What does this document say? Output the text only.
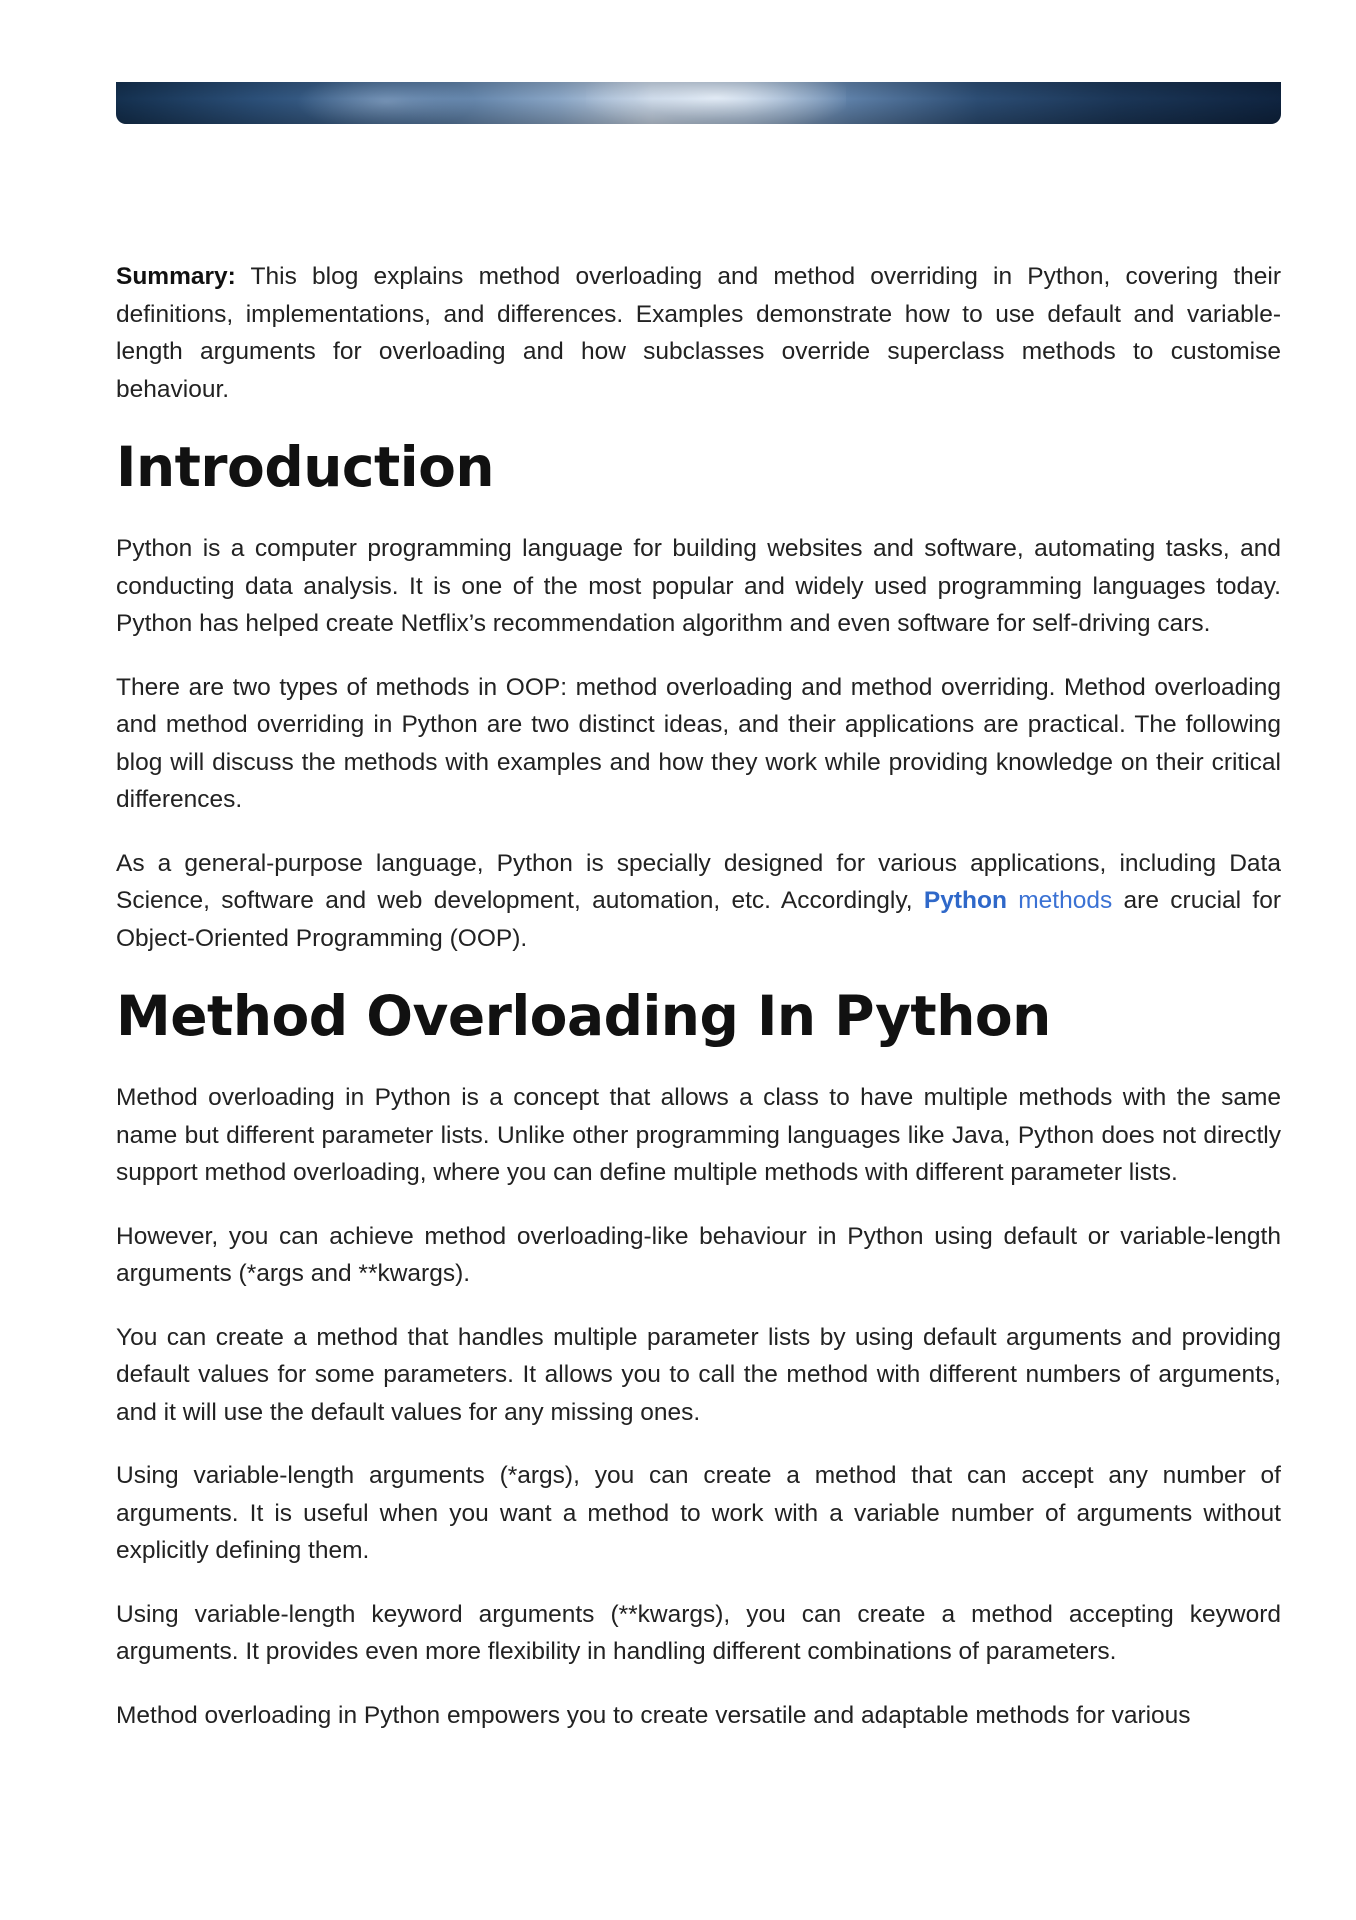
Summary: This blog explains method overloading and method overriding in Python, covering their definitions, implementations, and differences. Examples demonstrate how to use default and variable-length arguments for overloading and how subclasses override superclass methods to customise behaviour.

Introduction

Python is a computer programming language for building websites and software, automating tasks, and conducting data analysis. It is one of the most popular and widely used programming languages today. Python has helped create Netflix’s recommendation algorithm and even software for self-driving cars.

There are two types of methods in OOP: method overloading and method overriding. Method overloading and method overriding in Python are two distinct ideas, and their applications are practical. The following blog will discuss the methods with examples and how they work while providing knowledge on their critical differences.

As a general-purpose language, Python is specially designed for various applications, including Data Science, software and web development, automation, etc. Accordingly, Python methods are crucial for Object-Oriented Programming (OOP).

Method Overloading In Python

Method overloading in Python is a concept that allows a class to have multiple methods with the same name but different parameter lists. Unlike other programming languages like Java, Python does not directly support method overloading, where you can define multiple methods with different parameter lists.

However, you can achieve method overloading-like behaviour in Python using default or variable-length arguments (*args and **kwargs).

You can create a method that handles multiple parameter lists by using default arguments and providing default values for some parameters. It allows you to call the method with different numbers of arguments, and it will use the default values for any missing ones.

Using variable-length arguments (*args), you can create a method that can accept any number of arguments. It is useful when you want a method to work with a variable number of arguments without explicitly defining them.

Using variable-length keyword arguments (**kwargs), you can create a method accepting keyword arguments. It provides even more flexibility in handling different combinations of parameters.

Method overloading in Python empowers you to create versatile and adaptable methods for various
